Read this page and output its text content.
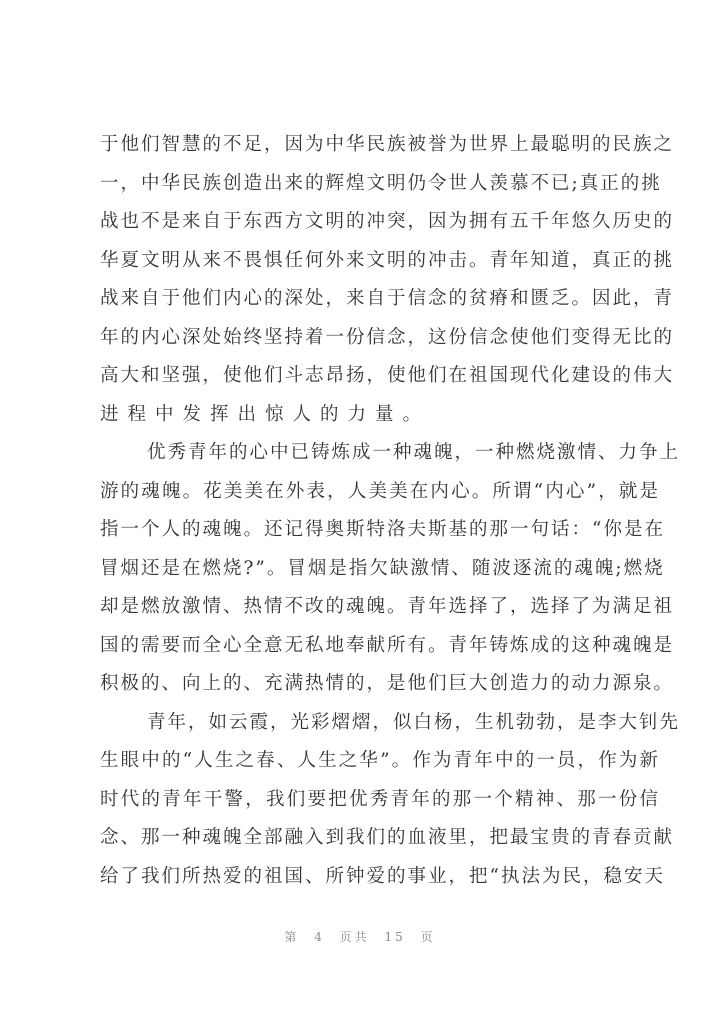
于他们智慧的不足，因为中华民族被誉为世界上最聪明的民族之
一，中华民族创造出来的辉煌文明仍令世人羡慕不已;真正的挑
战也不是来自于东西方文明的冲突，因为拥有五千年悠久历史的
华夏文明从来不畏惧任何外来文明的冲击。青年知道，真正的挑
战来自于他们内心的深处，来自于信念的贫瘠和匮乏。因此，青
年的内心深处始终坚持着一份信念，这份信念使他们变得无比的
高大和坚强，使他们斗志昂扬，使他们在祖国现代化建设的伟大
进程中发挥出惊人的力量。
优秀青年的心中已铸炼成一种魂魄，一种燃烧激情、力争上
游的魂魄。花美美在外表，人美美在内心。所谓“内心”，就是
指一个人的魂魄。还记得奥斯特洛夫斯基的那一句话：“你是在
冒烟还是在燃烧?”。冒烟是指欠缺激情、随波逐流的魂魄;燃烧
却是燃放激情、热情不改的魂魄。青年选择了，选择了为满足祖
国的需要而全心全意无私地奉献所有。青年铸炼成的这种魂魄是
积极的、向上的、充满热情的，是他们巨大创造力的动力源泉。
青年，如云霞，光彩熠熠，似白杨，生机勃勃，是李大钊先
生眼中的“人生之春、人生之华”。作为青年中的一员，作为新
时代的青年干警，我们要把优秀青年的那一个精神、那一份信
念、那一种魂魄全部融入到我们的血液里，把最宝贵的青春贡献
给了我们所热爱的祖国、所钟爱的事业，把“执法为民，稳安天
第 4 页共 15 页
